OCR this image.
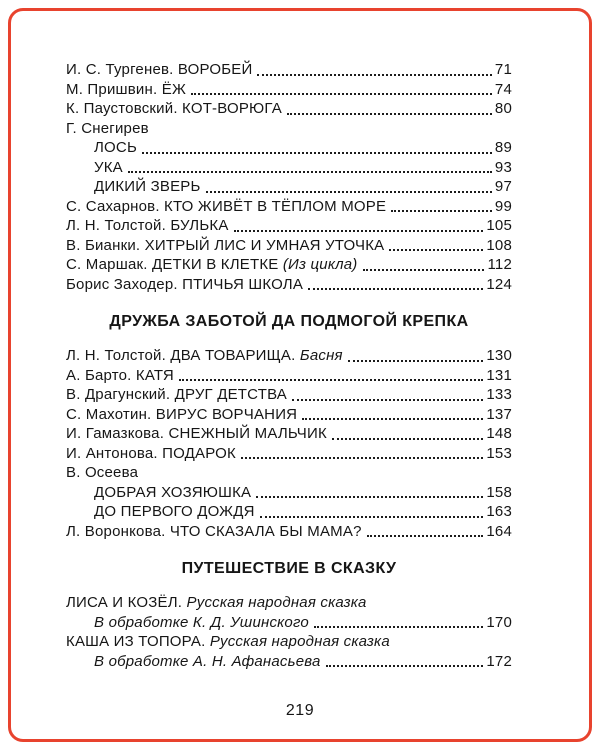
И. С. Тургенев. ВОРОБЕЙ	71
М. Пришвин. ЁЖ	74
К. Паустовский. КОТ-ВОРЮГА	80
Г. Снегирев
ЛОСЬ	89
УКА	93
ДИКИЙ ЗВЕРЬ	97
С. Сахарнов. КТО ЖИВЁТ В ТЁПЛОМ МОРЕ	99
Л. Н. Толстой. БУЛЬКА	105
В. Бианки. ХИТРЫЙ ЛИС И УМНАЯ УТОЧКА	108
С. Маршак. ДЕТКИ В КЛЕТКЕ (Из цикла)	112
Борис Заходер. ПТИЧЬЯ ШКОЛА	124
ДРУЖБА ЗАБОТОЙ ДА ПОДМОГОЙ КРЕПКА
Л. Н. Толстой. ДВА ТОВАРИЩА. Басня	130
А. Барто. КАТЯ	131
В. Драгунский. ДРУГ ДЕТСТВА	133
С. Махотин. ВИРУС ВОРЧАНИЯ	137
И. Гамазкова. СНЕЖНЫЙ МАЛЬЧИК	148
И. Антонова. ПОДАРОК	153
В. Осеева
ДОБРАЯ ХОЗЯЮШКА	158
ДО ПЕРВОГО ДОЖДЯ	163
Л. Воронкова. ЧТО СКАЗАЛА БЫ МАМА?	164
ПУТЕШЕСТВИЕ В СКАЗКУ
ЛИСА И КОЗЁЛ. Русская народная сказка
В обработке К. Д. Ушинского	170
КАША ИЗ ТОПОРА. Русская народная сказка
В обработке А. Н. Афанасьева	172
219
